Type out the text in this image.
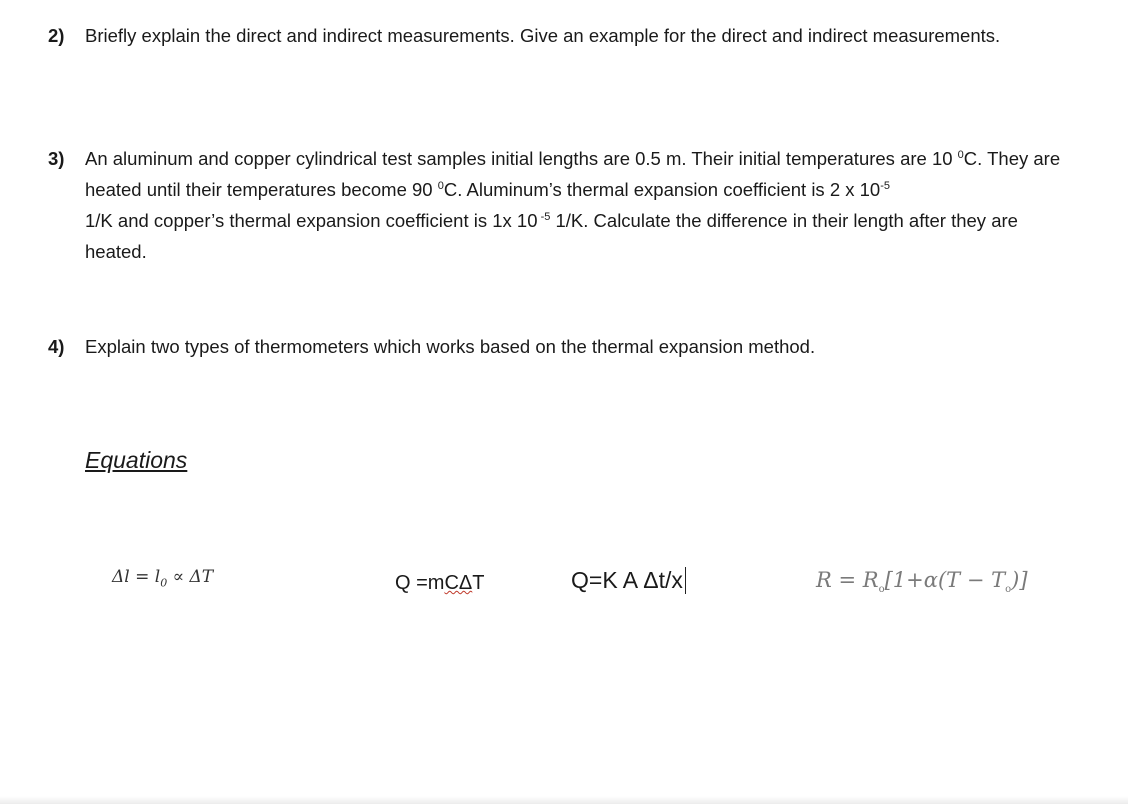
2) Briefly explain the direct and indirect measurements. Give an example for the direct and indirect measurements.
3) An aluminum and copper cylindrical test samples initial lengths are 0.5 m. Their initial temperatures are 10 $^0$C. They are heated until their temperatures become 90 $^0$C. Aluminum’s thermal expansion coefficient is 2 x $10^{-5}$
1/K and copper’s thermal expansion coefficient is 1x 10 $^{-5}$ 1/K. Calculate the difference in their length after they are heated.
4) Explain two types of thermometers which works based on the thermal expansion method.
Equations
$\Delta l = l_0 \propto \Delta T$	Q =mCΔT	Q=K A Δt/x	$R = R_o[1+\alpha(T - T_o)]$
